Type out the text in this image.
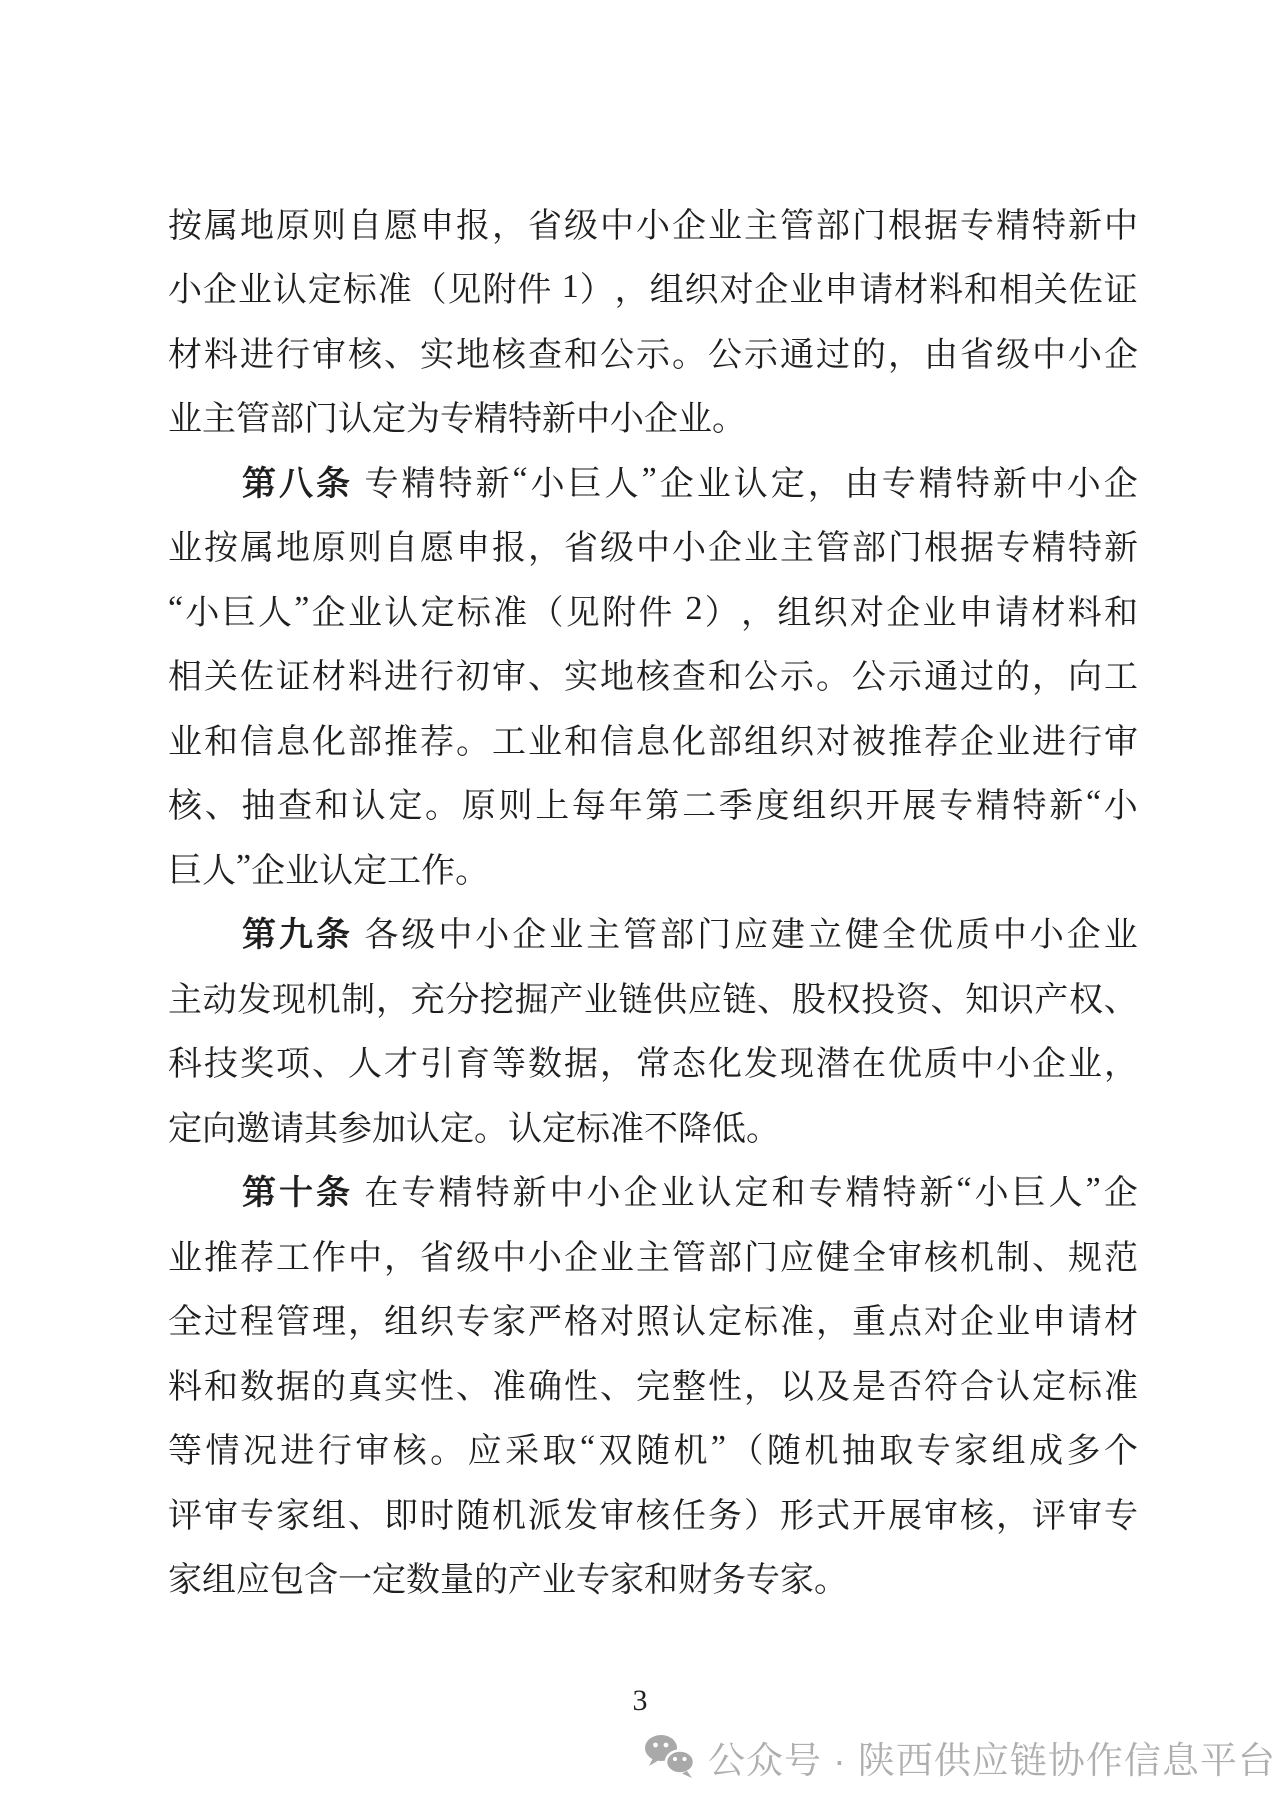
按 属 地 原 则 自 愿 申 报 ， 省 级 中 小 企 业 主 管 部 门 根 据 专 精 特 新 中
小 企 业 认 定 标 准 （ 见 附 件
1 ） ， 组 织 对 企 业 申 请 材 料 和 相 关 佐 证
材 料 进 行 审 核 、 实 地 核 查 和 公 示 。 公 示 通 过 的 ， 由 省 级 中 小 企
业 主 管 部 门 认 定 为 专 精 特 新 中 小 企 业 。
第 八 条
专 精 特 新 “ 小 巨 人 ” 企 业 认 定 ， 由 专 精 特 新 中 小 企
业 按 属 地 原 则 自 愿 申 报 ， 省 级 中 小 企 业 主 管 部 门 根 据 专 精 特 新
“ 小 巨 人 ” 企 业 认 定 标 准 （ 见 附 件
2 ） ， 组 织 对 企 业 申 请 材 料 和
相 关 佐 证 材 料 进 行 初 审 、 实 地 核 查 和 公 示 。 公 示 通 过 的 ， 向 工
业 和 信 息 化 部 推 荐 。 工 业 和 信 息 化 部 组 织 对 被 推 荐 企 业 进 行 审
核 、 抽 查 和 认 定 。 原 则 上 每 年 第 二 季 度 组 织 开 展 专 精 特 新 “ 小
巨 人 ” 企 业 认 定 工 作 。
第 九 条
各 级 中 小 企 业 主 管 部 门 应 建 立 健 全 优 质 中 小 企 业
主 动 发 现 机 制 ， 充 分 挖 掘 产 业 链 供 应 链 、 股 权 投 资 、 知 识 产 权 、
科 技 奖 项 、 人 才 引 育 等 数 据 ， 常 态 化 发 现 潜 在 优 质 中 小 企 业 ，
定 向 邀 请 其 参 加 认 定 。 认 定 标 准 不 降 低 。
第 十 条
在 专 精 特 新 中 小 企 业 认 定 和 专 精 特 新 “ 小 巨 人 ” 企
业 推 荐 工 作 中 ， 省 级 中 小 企 业 主 管 部 门 应 健 全 审 核 机 制 、 规 范
全 过 程 管 理 ， 组 织 专 家 严 格 对 照 认 定 标 准 ， 重 点 对 企 业 申 请 材
料 和 数 据 的 真 实 性 、 准 确 性 、 完 整 性 ， 以 及 是 否 符 合 认 定 标 准
等 情 况 进 行 审 核 。 应 采 取 “ 双 随 机 ” （ 随 机 抽 取 专 家 组 成 多 个
评 审 专 家 组 、 即 时 随 机 派 发 审 核 任 务 ） 形 式 开 展 审 核 ， 评 审 专
家 组 应 包 含 一 定 数 量 的 产 业 专 家 和 财 务 专 家 。
3
公众号 · 陕西供应链协作信息平台
